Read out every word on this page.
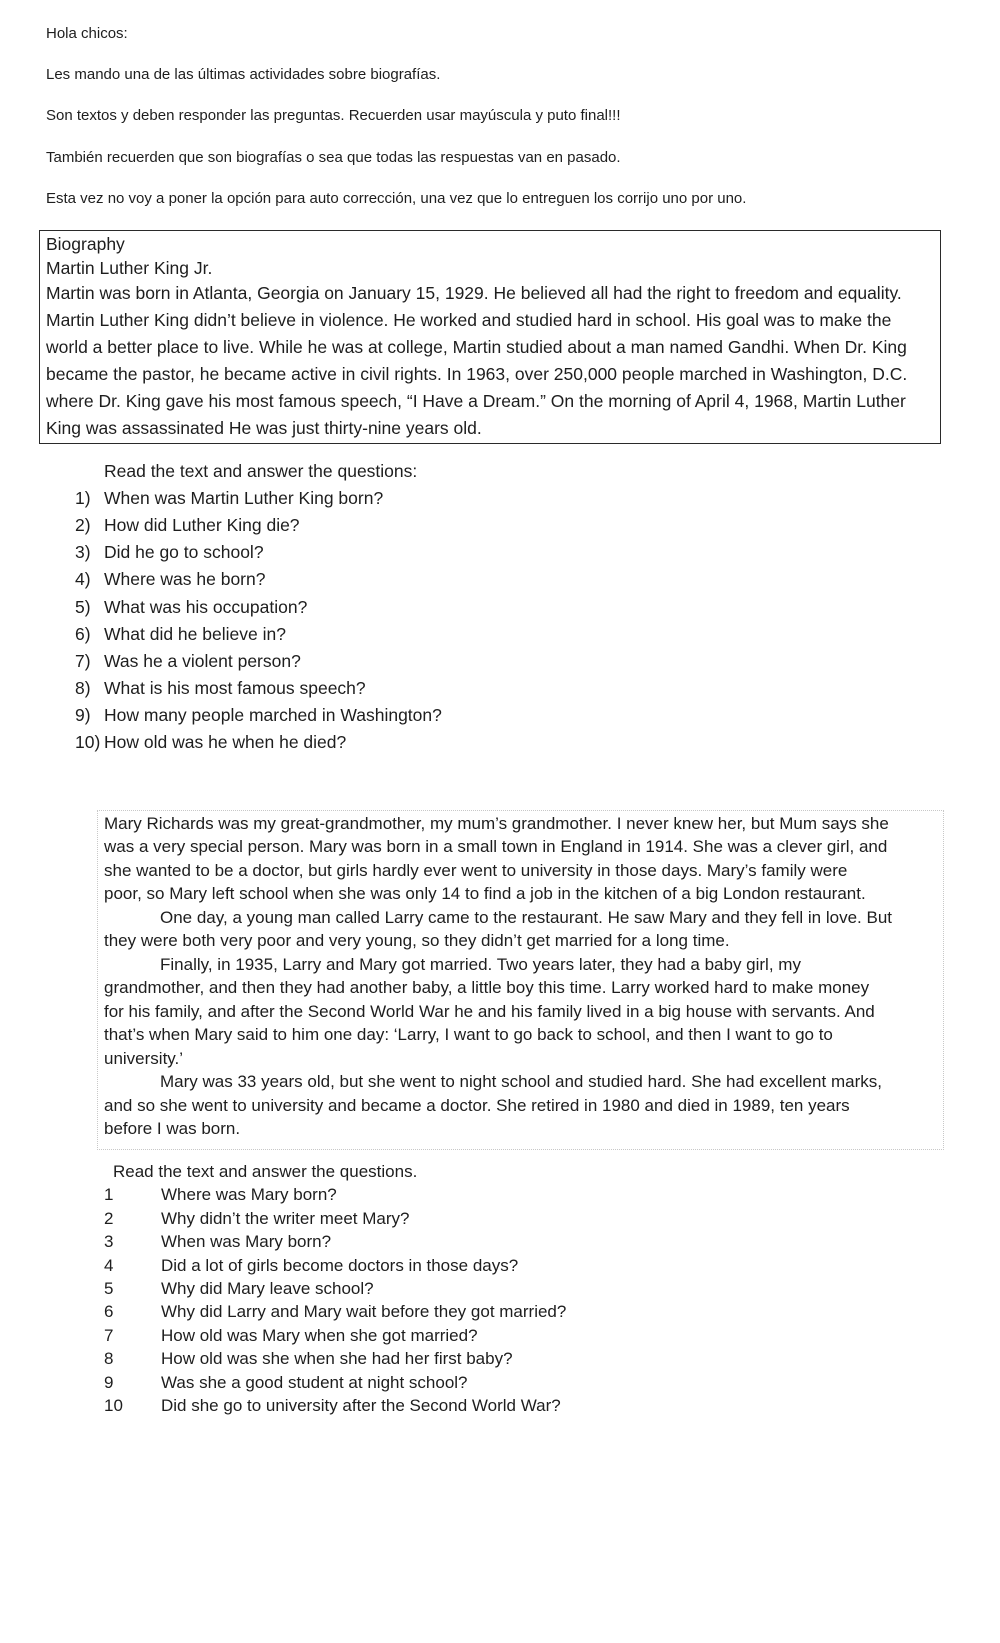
Hola chicos:
Les mando una de las últimas actividades sobre biografías.
Son textos y deben responder las preguntas. Recuerden usar mayúscula y puto final!!!
También recuerden que son biografías o sea que todas las respuestas van en pasado.
Esta vez no voy a poner la opción para auto corrección, una vez que lo entreguen los corrijo uno por uno.
Biography
Martin Luther King Jr.
Martin was born in Atlanta, Georgia on January 15, 1929. He believed all had the right to freedom and equality.
Martin Luther King didn’t believe in violence. He worked and studied hard in school. His goal was to make the
world a better place to live. While he was at college, Martin studied about a man named Gandhi. When Dr. King
became the pastor, he became active in civil rights. In 1963, over 250,000 people marched in Washington, D.C.
where Dr. King gave his most famous speech, “I Have a Dream.” On the morning of April 4, 1968, Martin Luther
King was assassinated He was just thirty-nine years old.
Read the text and answer the questions:
1) When was Martin Luther King born?
2) How did Luther King die?
3) Did he go to school?
4) Where was he born?
5) What was his occupation?
6) What did he believe in?
7) Was he a violent person?
8) What is his most famous speech?
9) How many people marched in Washington?
10) How old was he when he died?
Mary Richards was my great-grandmother, my mum’s grandmother. I never knew her, but Mum says she
was a very special person. Mary was born in a small town in England in 1914. She was a clever girl, and
she wanted to be a doctor, but girls hardly ever went to university in those days. Mary’s family were
poor, so Mary left school when she was only 14 to find a job in the kitchen of a big London restaurant.
One day, a young man called Larry came to the restaurant. He saw Mary and they fell in love. But
they were both very poor and very young, so they didn’t get married for a long time.
Finally, in 1935, Larry and Mary got married. Two years later, they had a baby girl, my
grandmother, and then they had another baby, a little boy this time. Larry worked hard to make money
for his family, and after the Second World War he and his family lived in a big house with servants. And
that’s when Mary said to him one day: ‘Larry, I want to go back to school, and then I want to go to
university.’
Mary was 33 years old, but she went to night school and studied hard. She had excellent marks,
and so she went to university and became a doctor. She retired in 1980 and died in 1989, ten years
before I was born.
Read the text and answer the questions.
1	Where was Mary born?
2	Why didn’t the writer meet Mary?
3	When was Mary born?
4	Did a lot of girls become doctors in those days?
5	Why did Mary leave school?
6	Why did Larry and Mary wait before they got married?
7	How old was Mary when she got married?
8	How old was she when she had her first baby?
9	Was she a good student at night school?
10 Did she go to university after the Second World War?
